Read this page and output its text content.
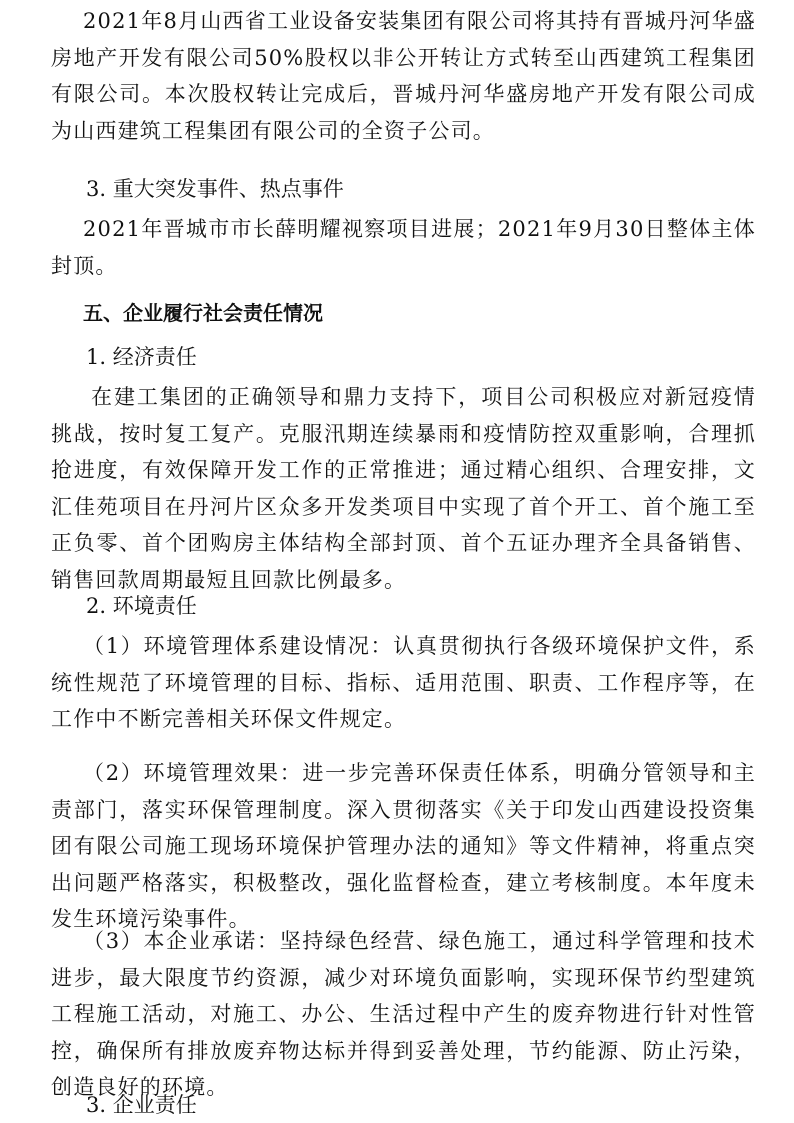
2021年8月山西省工业设备安装集团有限公司将其持有晋城丹河华盛房地产开发有限公司50%股权以非公开转让方式转至山西建筑工程集团有限公司。本次股权转让完成后，晋城丹河华盛房地产开发有限公司成为山西建筑工程集团有限公司的全资子公司。

3. 重大突发事件、热点事件

2021年晋城市市长薛明耀视察项目进展；2021年9月30日整体主体封顶。

五、企业履行社会责任情况

1. 经济责任

在建工集团的正确领导和鼎力支持下，项目公司积极应对新冠疫情挑战，按时复工复产。克服汛期连续暴雨和疫情防控双重影响，合理抓抢进度，有效保障开发工作的正常推进；通过精心组织、合理安排，文汇佳苑项目在丹河片区众多开发类项目中实现了首个开工、首个施工至正负零、首个团购房主体结构全部封顶、首个五证办理齐全具备销售、销售回款周期最短且回款比例最多。

2. 环境责任

（1）环境管理体系建设情况：认真贯彻执行各级环境保护文件，系统性规范了环境管理的目标、指标、适用范围、职责、工作程序等，在工作中不断完善相关环保文件规定。

（2）环境管理效果：进一步完善环保责任体系，明确分管领导和主责部门，落实环保管理制度。深入贯彻落实《关于印发山西建设投资集团有限公司施工现场环境保护管理办法的通知》等文件精神，将重点突出问题严格落实，积极整改，强化监督检查，建立考核制度。本年度未发生环境污染事件。

（3）本企业承诺：坚持绿色经营、绿色施工，通过科学管理和技术进步，最大限度节约资源，减少对环境负面影响，实现环保节约型建筑工程施工活动，对施工、办公、生活过程中产生的废弃物进行针对性管控，确保所有排放废弃物达标并得到妥善处理，节约能源、防止污染，创造良好的环境。

3. 企业责任
